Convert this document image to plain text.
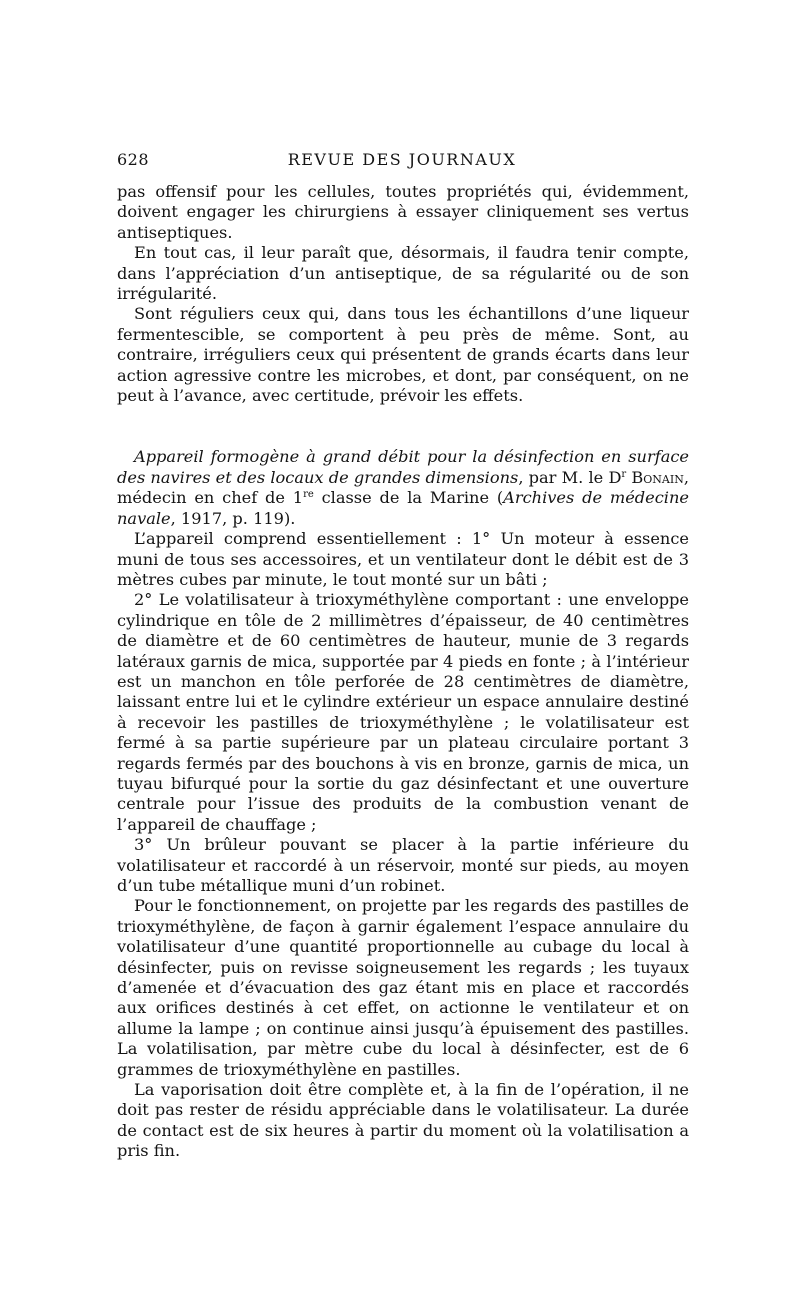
628	REVUE DES JOURNAUX

pas offensif pour les cellules, toutes propriétés qui, évidemment, doivent engager les chirurgiens à essayer cliniquement ses vertus antiseptiques.

En tout cas, il leur paraît que, désormais, il faudra tenir compte, dans l’appréciation d’un antiseptique, de sa régularité ou de son irrégularité.

Sont réguliers ceux qui, dans tous les échantillons d’une liqueur fermentescible, se comportent à peu près de même. Sont, au contraire, irréguliers ceux qui présentent de grands écarts dans leur action agressive contre les microbes, et dont, par conséquent, on ne peut à l’avance, avec certitude, prévoir les effets.

Appareil formogène à grand débit pour la désinfection en surface des navires et des locaux de grandes dimensions, par M. le $D^r$ Bonain, médecin en chef de 1re classe de la Marine (Archives de médecine navale, 1917, p. 119).

L’appareil comprend essentiellement : 1° Un moteur à essence muni de tous ses accessoires, et un ventilateur dont le débit est de 3 mètres cubes par minute, le tout monté sur un bâti ;

2° Le volatilisateur à trioxyméthylène comportant : une enveloppe cylindrique en tôle de 2 millimètres d’épaisseur, de 40 centimètres de diamètre et de 60 centimètres de hauteur, munie de 3 regards latéraux garnis de mica, supportée par 4 pieds en fonte ; à l’intérieur est un manchon en tôle perforée de 28 centimètres de diamètre, laissant entre lui et le cylindre extérieur un espace annulaire destiné à recevoir les pastilles de trioxyméthylène ; le volatilisateur est fermé à sa partie supérieure par un plateau circulaire portant 3 regards fermés par des bouchons à vis en bronze, garnis de mica, un tuyau bifurqué pour la sortie du gaz désinfectant et une ouverture centrale pour l’issue des produits de la combustion venant de l’appareil de chauffage ;

3° Un brûleur pouvant se placer à la partie inférieure du volatilisateur et raccordé à un réservoir, monté sur pieds, au moyen d’un tube métallique muni d’un robinet.

Pour le fonctionnement, on projette par les regards des pastilles de trioxyméthylène, de façon à garnir également l’espace annulaire du volatilisateur d’une quantité proportionnelle au cubage du local à désinfecter, puis on revisse soigneusement les regards ; les tuyaux d’amenée et d’évacuation des gaz étant mis en place et raccordés aux orifices destinés à cet effet, on actionne le ventilateur et on allume la lampe ; on continue ainsi jusqu’à épuisement des pastilles. La volatilisation, par mètre cube du local à désinfecter, est de 6 grammes de trioxyméthylène en pastilles.

La vaporisation doit être complète et, à la fin de l’opération, il ne doit pas rester de résidu appréciable dans le volatilisateur. La durée de contact est de six heures à partir du moment où la volatilisation a pris fin.
